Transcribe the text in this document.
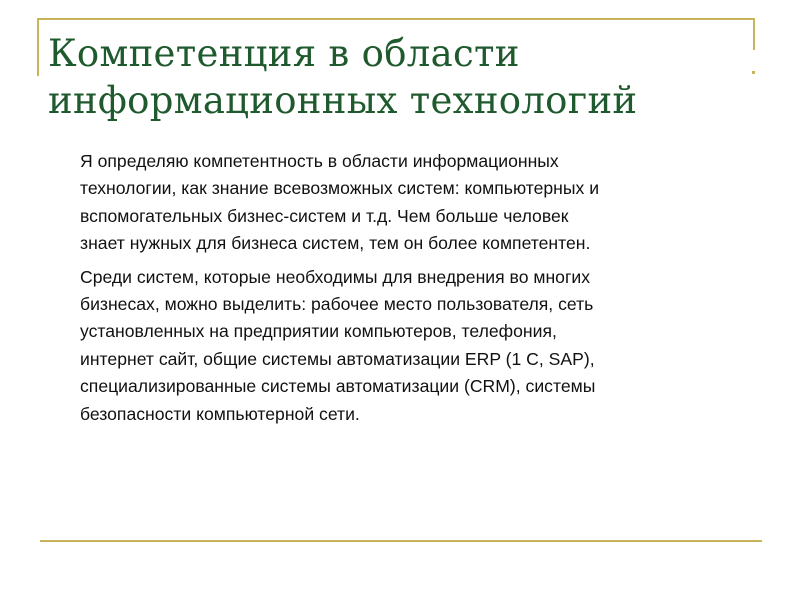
Компетенция в области
информационных технологий

Я определяю компетентность в области информационных
технологии, как знание всевозможных систем: компьютерных и
вспомогательных бизнес-систем и т.д. Чем больше человек
знает нужных для бизнеса систем, тем он более компетентен.

Среди систем, которые необходимы для внедрения во многих
бизнесах, можно выделить: рабочее место пользователя, сеть
установленных на предприятии компьютеров, телефония,
интернет сайт, общие системы автоматизации ERP (1 С, SAP),
специализированные системы автоматизации (CRM), системы
безопасности компьютерной сети.
